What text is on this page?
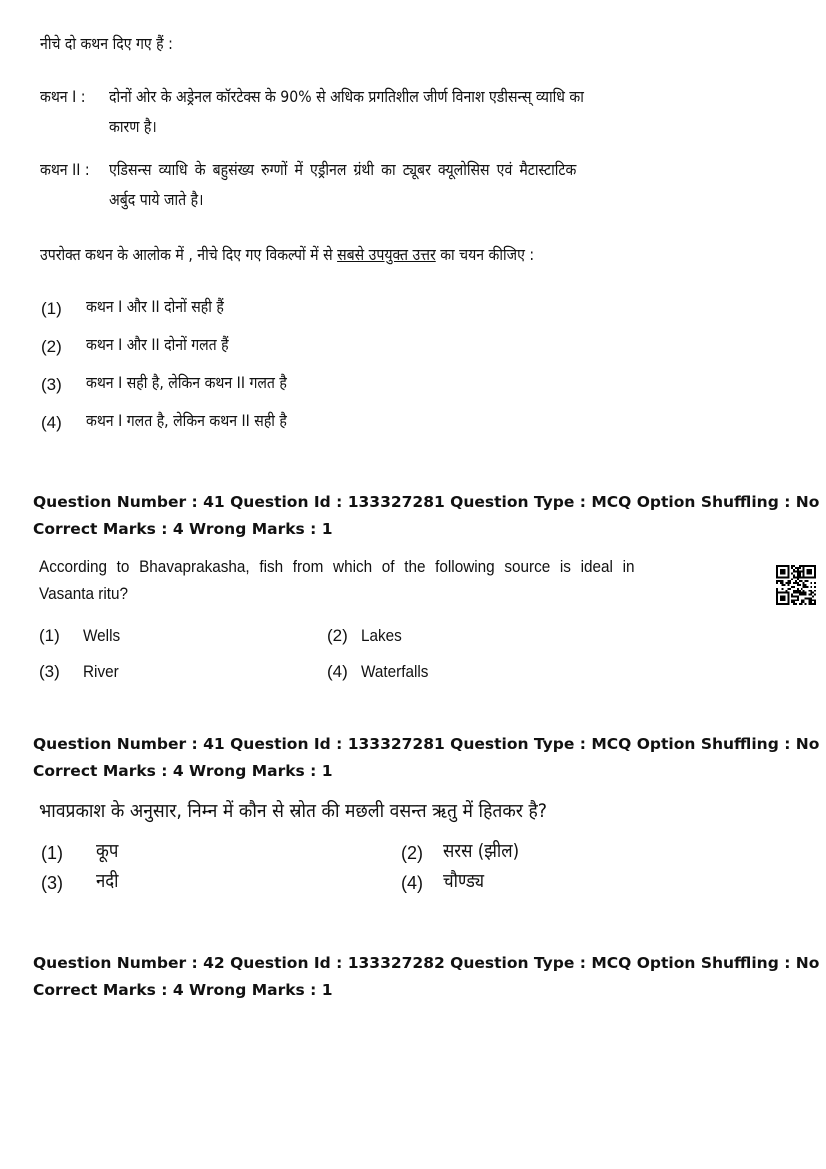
नीचे दो कथन दिए गए हैं :
कथन I : दोनों ओर के अड्रेनल कॉरटेक्स के 90% से अधिक प्रगतिशील जीर्ण विनाश एडीसन्स् व्याधि का
कारण है।
कथन II : एडिसन्स व्याधि के बहुसंख्य रुग्णों में एड्रीनल ग्रंथी का ट्यूबर क्यूलोसिस एवं मैटास्टाटिक
अर्बुद पाये जाते है।
उपरोक्त कथन के आलोक में , नीचे दिए गए विकल्पों में से सबसे उपयुक्त उत्तर का चयन कीजिए :
(1) कथन I और II दोनों सही हैं
(2) कथन I और II दोनों गलत हैं
(3) कथन I सही है, लेकिन कथन II गलत है
(4) कथन I गलत है, लेकिन कथन II सही है
Question Number : 41 Question Id : 133327281 Question Type : MCQ Option Shuffling : No
Correct Marks : 4 Wrong Marks : 1
According to Bhavaprakasha, fish from which of the following source is ideal in
Vasanta ritu?
(1) Wells	(2) Lakes
(3) River	(4) Waterfalls
Question Number : 41 Question Id : 133327281 Question Type : MCQ Option Shuffling : No
Correct Marks : 4 Wrong Marks : 1
भावप्रकाश के अनुसार, निम्न में कौन से स्रोत की मछली वसन्त ऋतु में हितकर है?
(1) कूप	(2) सरस (झील)
(3) नदी	(4) चौण्ड्य
Question Number : 42 Question Id : 133327282 Question Type : MCQ Option Shuffling : No
Correct Marks : 4 Wrong Marks : 1
